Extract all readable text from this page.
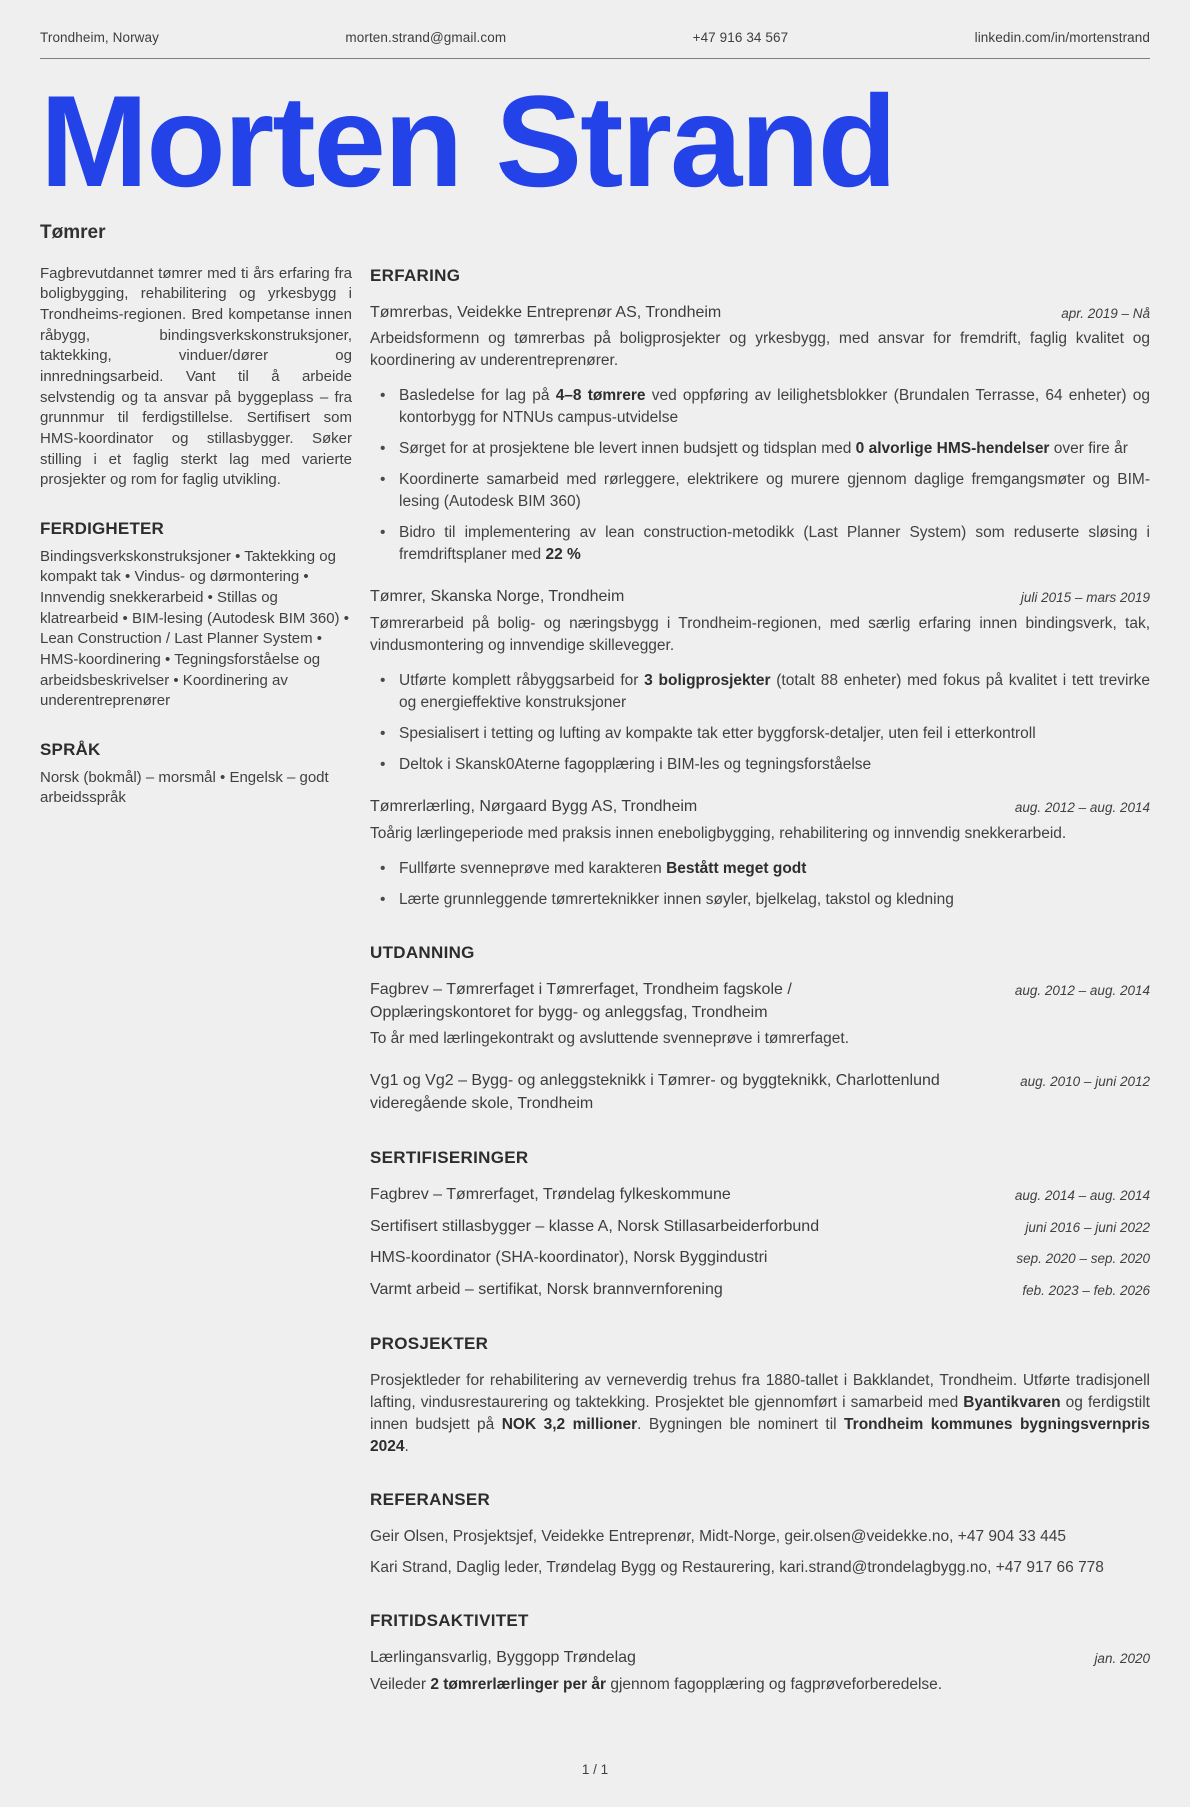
Trondheim, Norway	morten.strand@gmail.com	+47 916 34 567	linkedin.com/in/mortenstrand
Morten Strand
Tømrer

Fagbrevutdannet tømrer med ti års erfaring fra boligbygging, rehabilitering og yrkesbygg i Trondheims-regionen. Bred kompetanse innen råbygg, bindingsverkskonstruksjoner, taktekking, vinduer/dører og innredningsarbeid. Vant til å arbeide selvstendig og ta ansvar på byggeplass – fra grunnmur til ferdigstillelse. Sertifisert som HMS-koordinator og stillasbygger. Søker stilling i et faglig sterkt lag med varierte prosjekter og rom for faglig utvikling.

FERDIGHETER

Bindingsverkskonstruksjoner • Taktekking og kompakt tak • Vindus- og dørmontering • Innvendig snekkerarbeid • Stillas og klatrearbeid • BIM-lesing (Autodesk BIM 360) • Lean Construction / Last Planner System • HMS-koordinering • Tegningsforståelse og arbeidsbeskrivelser • Koordinering av underentreprenører

SPRÅK

Norsk (bokmål) – morsmål • Engelsk – godt arbeidsspråk

ERFARING
Tømrerbas, Veidekke Entreprenør AS, Trondheim	apr. 2019 – Nå

Arbeidsformenn og tømrerbas på boligprosjekter og yrkesbygg, med ansvar for fremdrift, faglig kvalitet og koordinering av underentreprenører.

• Basledelse for lag på 4–8 tømrere ved oppføring av leilighetsblokker (Brundalen Terrasse, 64 enheter) og kontorbygg for NTNUs campus-utvidelse

• Sørget for at prosjektene ble levert innen budsjett og tidsplan med 0 alvorlige HMS-hendelser over fire år

• Koordinerte samarbeid med rørleggere, elektrikere og murere gjennom daglige fremgangsmøter og BIM-lesing (Autodesk BIM 360)

• Bidro til implementering av lean construction-metodikk (Last Planner System) som reduserte sløsing i fremdriftsplaner med 22 %

Tømrer, Skanska Norge, Trondheim	juli 2015 – mars 2019

Tømrerarbeid på bolig- og næringsbygg i Trondheim-regionen, med særlig erfaring innen bindingsverk, tak, vindusmontering og innvendige skillevegger.

• Utførte komplett råbyggsarbeid for 3 boligprosjekter (totalt 88 enheter) med fokus på kvalitet i tett trevirke og energieffektive konstruksjoner

• Spesialisert i tetting og lufting av kompakte tak etter byggforsk-detaljer, uten feil i etterkontroll

• Deltok i Skansk0Aterne fagopplæring i BIM-les og tegningsforståelse

Tømrerlærling, Nørgaard Bygg AS, Trondheim	aug. 2012 – aug. 2014

Toårig lærlingeperiode med praksis innen eneboligbygging, rehabilitering og innvendig snekkerarbeid.

• Fullførte svenneprøve med karakteren Bestått meget godt

• Lærte grunnleggende tømrerteknikker innen søyler, bjelkelag, takstol og kledning

UTDANNING
Fagbrev – Tømrerfaget i Tømrerfaget, Trondheim fagskole /
Opplæringskontoret for bygg- og anleggsfag, Trondheim
aug. 2012 – aug. 2014

To år med lærlingekontrakt og avsluttende svenneprøve i tømrerfaget.

Vg1 og Vg2 – Bygg- og anleggsteknikk i Tømrer- og byggteknikk, Charlottenlund
videregående skole, Trondheim
aug. 2010 – juni 2012
SERTIFISERINGER
Fagbrev – Tømrerfaget, Trøndelag fylkeskommune	aug. 2014 – aug. 2014
Sertifisert stillasbygger – klasse A, Norsk Stillasarbeiderforbund	juni 2016 – juni 2022
HMS-koordinator (SHA-koordinator), Norsk Byggindustri	sep. 2020 – sep. 2020
Varmt arbeid – sertifikat, Norsk brannvernforening	feb. 2023 – feb. 2026
PROSJEKTER

Prosjektleder for rehabilitering av verneverdig trehus fra 1880-tallet i Bakklandet, Trondheim. Utførte tradisjonell lafting, vindusrestaurering og taktekking. Prosjektet ble gjennomført i samarbeid med Byantikvaren og ferdigstilt innen budsjett på NOK 3,2 millioner. Bygningen ble nominert til Trondheim kommunes bygningsvernpris 2024.

REFERANSER

Geir Olsen, Prosjektsjef, Veidekke Entreprenør, Midt-Norge, geir.olsen@veidekke.no, +47 904 33 445

Kari Strand, Daglig leder, Trøndelag Bygg og Restaurering, kari.strand@trondelagbygg.no, +47 917 66 778

FRITIDSAKTIVITET
Lærlingansvarlig, Byggopp Trøndelag	jan. 2020

Veileder 2 tømrerlærlinger per år gjennom fagopplæring og fagprøveforberedelse.

1 / 1
